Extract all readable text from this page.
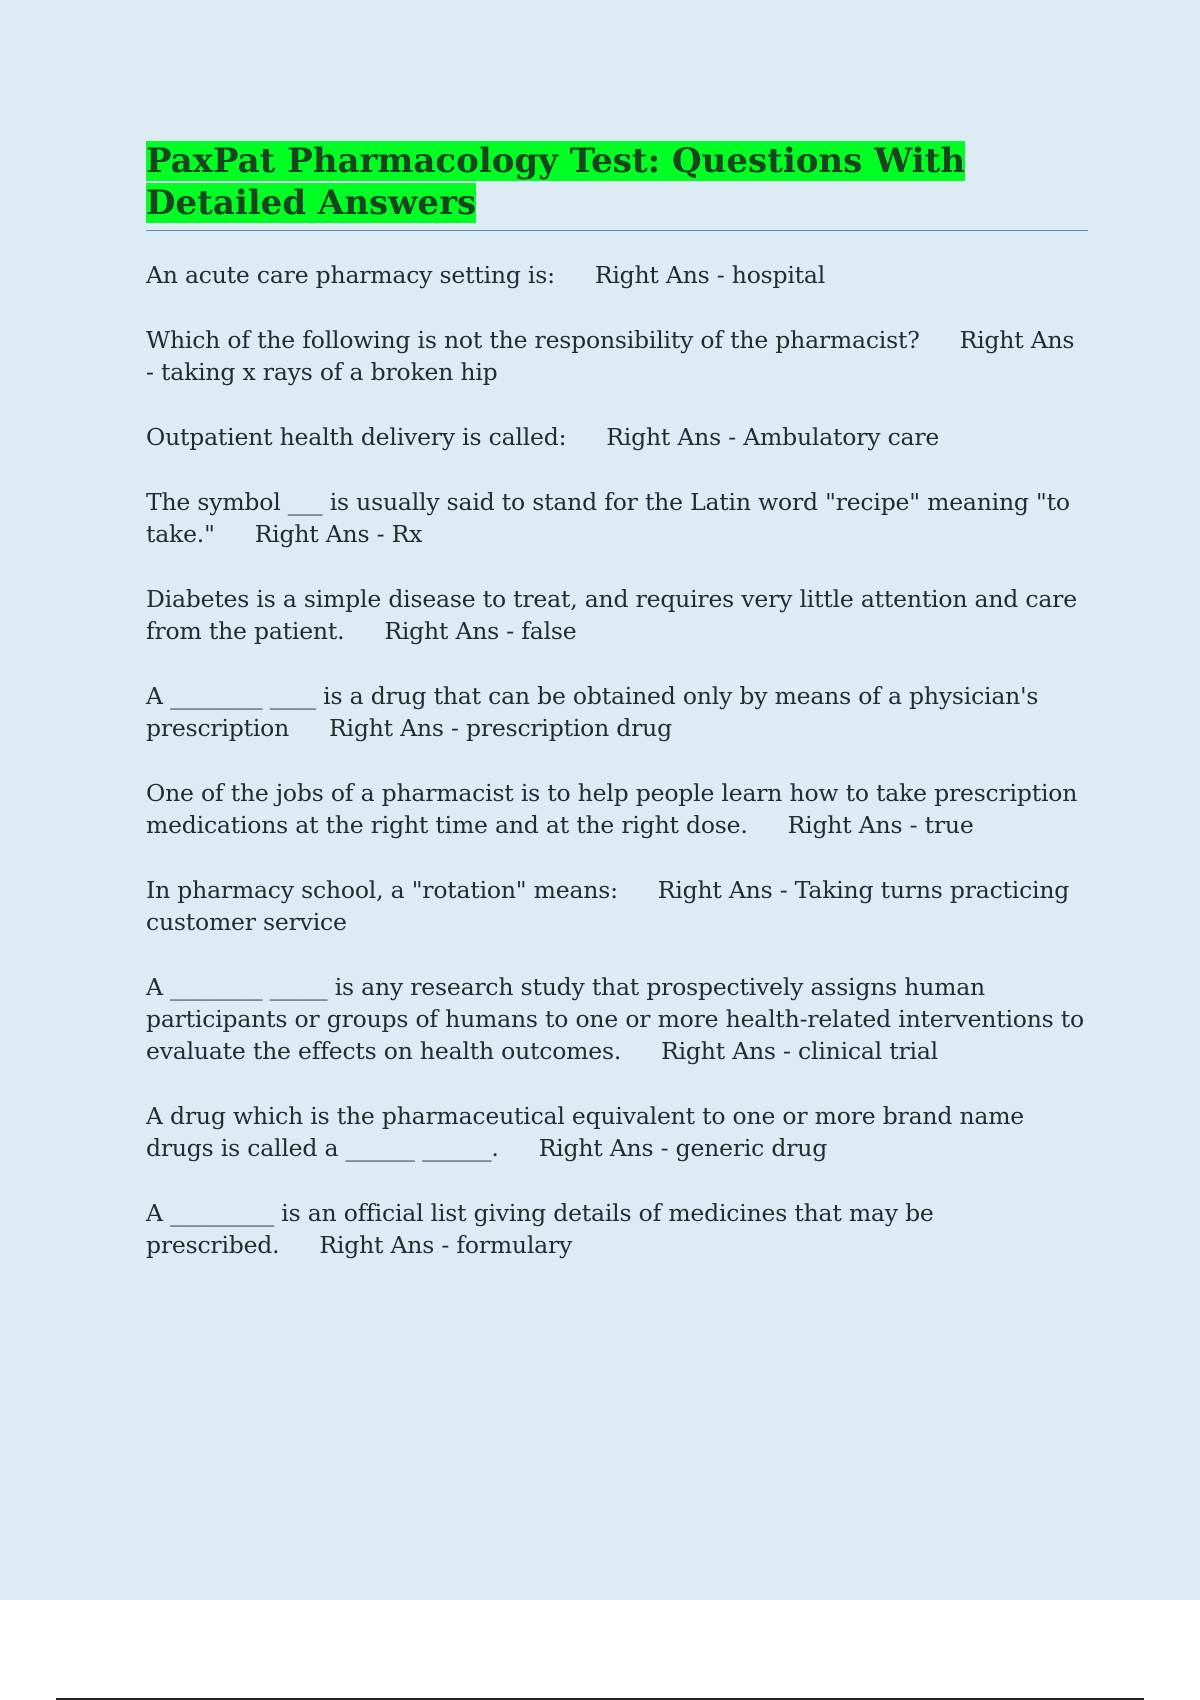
PaxPat Pharmacology Test: Questions With Detailed Answers

An acute care pharmacy setting is: Right Ans - hospital

Which of the following is not the responsibility of the pharmacist? Right Ans - taking x rays of a broken hip

Outpatient health delivery is called: Right Ans - Ambulatory care

The symbol ___ is usually said to stand for the Latin word "recipe" meaning "to take." Right Ans - Rx

Diabetes is a simple disease to treat, and requires very little attention and care from the patient. Right Ans - false

A ________ ____ is a drug that can be obtained only by means of a physician's prescription Right Ans - prescription drug

One of the jobs of a pharmacist is to help people learn how to take prescription medications at the right time and at the right dose. Right Ans - true

In pharmacy school, a "rotation" means: Right Ans - Taking turns practicing customer service

A ________ _____ is any research study that prospectively assigns human participants or groups of humans to one or more health-related interventions to evaluate the effects on health outcomes. Right Ans - clinical trial

A drug which is the pharmaceutical equivalent to one or more brand name drugs is called a ______ ______. Right Ans - generic drug

A _________ is an official list giving details of medicines that may be prescribed. Right Ans - formulary
